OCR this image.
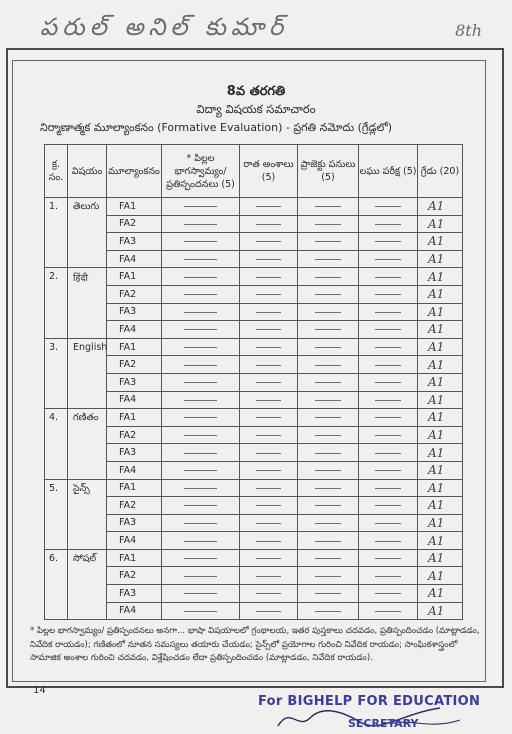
పరుల్ అనిల్ కుమార్	8th
8వ తరగతి
విద్యా విషయక సమాచారం
నిర్మాణాత్మక మూల్యాంకనం (Formative Evaluation) - ప్రగతి నమోదు (గ్రేడ్లలో)
క్ర. సం.	విషయం	మూల్యాంకనం	* పిల్లల భాగస్వామ్యం/ ప్రతిస్పందనలు (5)	రాత అంశాలు (5)	ప్రాజెక్టు పనులు (5)	లఘు పరీక్ష (5)	గ్రేడు (20)
1.	తెలుగు	FA1					A1
		FA2					A1
		FA3					A1
		FA4					A1
2.	हिंदी	FA1					A1
		FA2					A1
		FA3					A1
		FA4					A1
3.	English	FA1					A1
		FA2					A1
		FA3					A1
		FA4					A1
4.	గణితం	FA1					A1
		FA2					A1
		FA3					A1
		FA4					A1
5.	సైన్స్	FA1					A1
		FA2					A1
		FA3					A1
		FA4					A1
6.	సోషల్	FA1					A1
		FA2					A1
		FA3					A1
		FA4					A1
* పిల్లల భాగస్వామ్యం/ ప్రతిస్పందనలు అనగా... భాషా విషయాలలో గ్రంథాలయ, ఇతర పుస్తకాలు చదవడం, ప్రతిస్పందించడం (మాట్లాడడం, నివేదిక రాయడం); గణితంలో నూతన సమస్యలు తయారు చేయడం; సైన్స్‌లో ప్రయోగాల గురించి నివేదిక రాయడం; సాంఘికశాస్త్రంలో సామాజిక అంశాల గురించి చదవడం, విశ్లేషించడం లేదా ప్రతిస్పందించడం (మాట్లాడడం, నివేదిక రాయడం).
14
For BIGHELP FOR EDUCATION
SECRETARY
